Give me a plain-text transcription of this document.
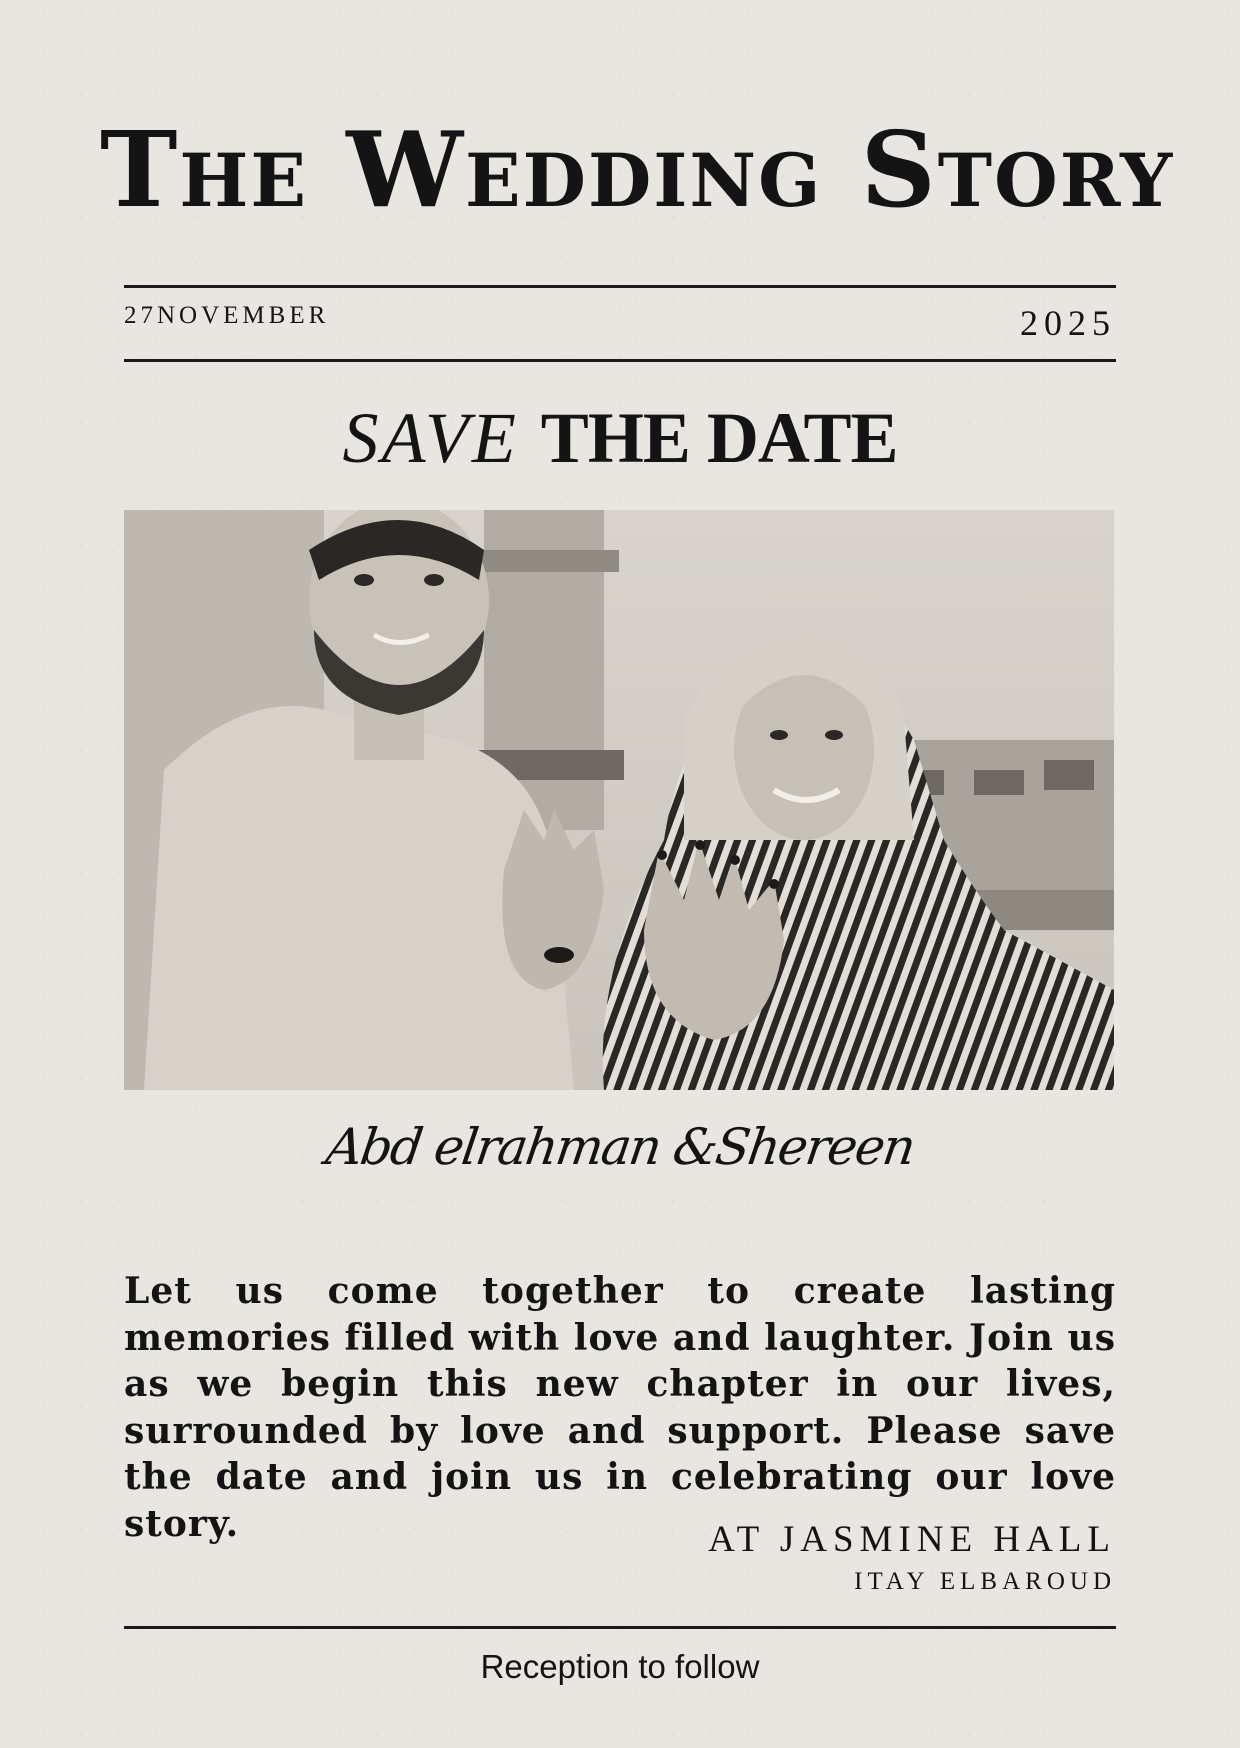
The Wedding Story
27NOVEMBER	2025
SAVE THE DATE
Abd elrahman &Shereen
Let us come together to create lasting memories filled with love and laughter. Join us as we begin this new chapter in our lives, surrounded by love and support. Please save the date and join us in celebrating our love story.	AT JASMINE HALL
ITAY ELBAROUD
Reception to follow
